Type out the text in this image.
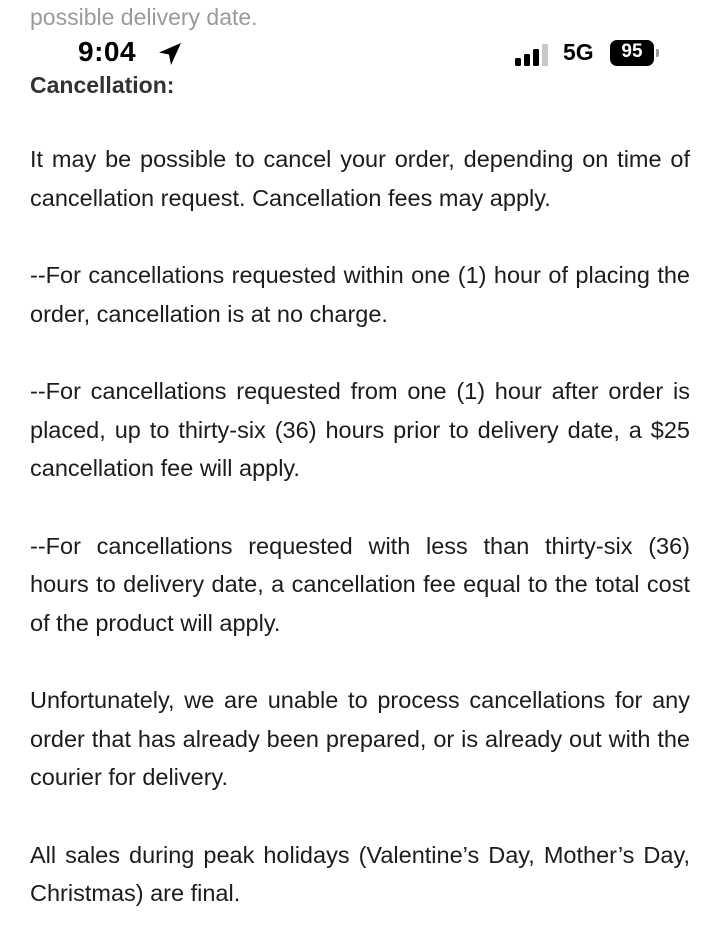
possible delivery date.
9:04	5G	95
Cancellation:

It may be possible to cancel your order, depending on time of cancellation request. Cancellation fees may apply.

--For cancellations requested within one (1) hour of placing the order, cancellation is at no charge.

--For cancellations requested from one (1) hour after order is placed, up to thirty-six (36) hours prior to delivery date, a $25 cancellation fee will apply.

--For cancellations requested with less than thirty-six (36) hours to delivery date, a cancellation fee equal to the total cost of the product will apply.

Unfortunately, we are unable to process cancellations for any order that has already been prepared, or is already out with the courier for delivery.

All sales during peak holidays (Valentine’s Day, Mother’s Day, Christmas) are final.
